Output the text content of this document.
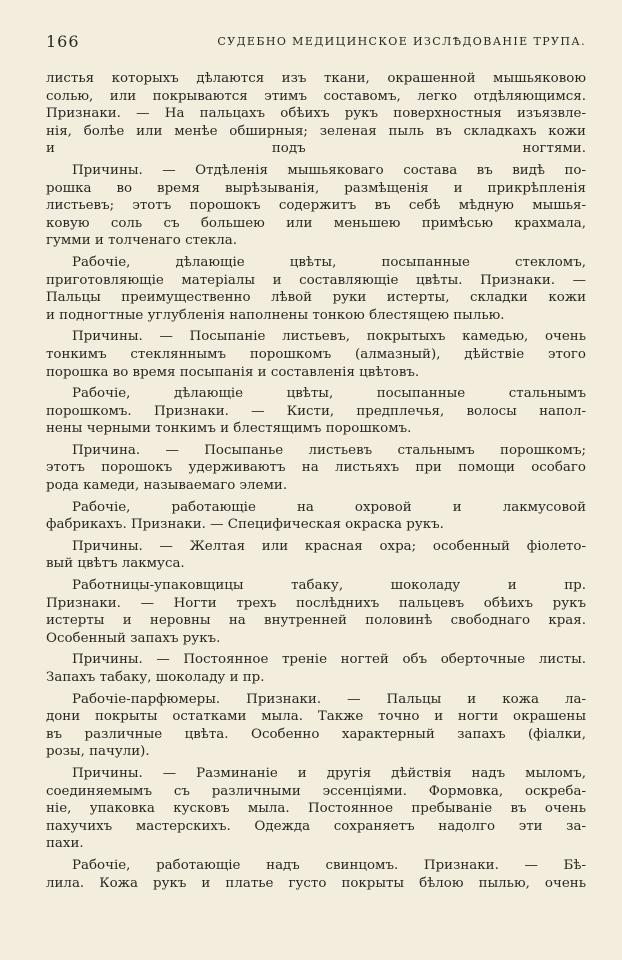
166	СУДЕБНО МЕДИЦИНСКОЕ ИЗСЛѢДОВАНІЕ ТРУПА.
листья которыхъ дѣлаются изъ ткани, окрашенной мышьяковою
солью, или покрываются этимъ составомъ, легко отдѣляющимся.
Признаки. — На пальцахъ обѣихъ рукъ поверхностныя изъязвле-
нія, болѣе или менѣе обширныя; зеленая пыль въ складкахъ кожи
и подъ ногтями.
Причины. — Отдѣленія мышьяковаго состава въ видѣ по-
рошка во время вырѣзыванія, размѣщенія и прикрѣпленія
листьевъ; этотъ порошокъ содержитъ въ себѣ мѣдную мышья-
ковую соль съ большею или меньшею примѣсью крахмала,
гумми и толченаго стекла.
Рабочіе, дѣлающіе цвѣты, посыпанные стекломъ,
приготовляющіе матеріалы и составляющіе цвѣты. Признаки. —
Пальцы преимущественно лѣвой руки истерты, складки кожи
и подногтные углубленія наполнены тонкою блестящею пылью.
Причины. — Посыпаніе листьевъ, покрытыхъ камедью, очень
тонкимъ стекляннымъ порошкомъ (алмазный), дѣйствіе этого
порошка во время посыпанія и составленія цвѣтовъ.
Рабочіе, дѣлающіе цвѣты, посыпанные стальнымъ
порошкомъ. Признаки. — Кисти, предплечья, волосы напол-
нены черными тонкимъ и блестящимъ порошкомъ.
Причина. — Посыпанье листьевъ стальнымъ порошкомъ;
этотъ порошокъ удерживаютъ на листьяхъ при помощи особаго
рода камеди, называемаго элеми.
Рабочіе, работающіе на охровой и лакмусовой
фабрикахъ. Признаки. — Специфическая окраска рукъ.
Причины. — Желтая или красная охра; особенный фіолето-
вый цвѣтъ лакмуса.
Работницы-упаковщицы табаку, шоколаду и пр.
Признаки. — Ногти трехъ послѣднихъ пальцевъ обѣихъ рукъ
истерты и неровны на внутренней половинѣ свободнаго края.
Особенный запахъ рукъ.
Причины. — Постоянное треніе ногтей объ оберточные листы.
Запахъ табаку, шоколаду и пр.
Рабочіе-парфюмеры. Признаки. — Пальцы и кожа ла-
дони покрыты остатками мыла. Также точно и ногти окрашены
въ различные цвѣта. Особенно характерный запахъ (фіалки,
розы, пачули).
Причины. — Разминаніе и другія дѣйствія надъ мыломъ,
соединяемымъ съ различными эссенціями. Формовка, оскребa-
ніе, упаковка кусковъ мыла. Постоянное пребываніе въ очень
пахучихъ мастерскихъ. Одежда сохраняетъ надолго эти за-
пахи.
Рабочіе, работающіе надъ свинцомъ. Признаки. — Бѣ-
лила. Кожа рукъ и платье густо покрыты бѣлою пылью, очень
